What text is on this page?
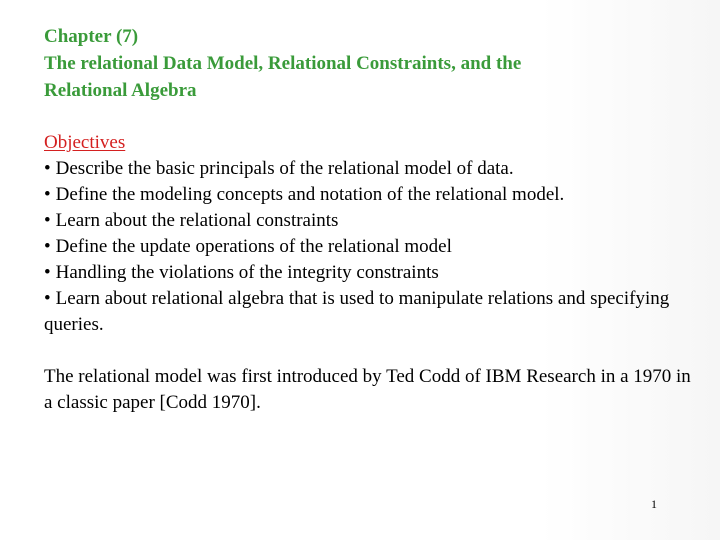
Chapter (7)
The relational Data Model, Relational Constraints, and the
Relational Algebra
Objectives
• Describe the basic principals of the relational model of data.
• Define the modeling concepts and notation of the relational model.
• Learn about the relational constraints
• Define the update operations of the relational model
• Handling the violations of the integrity constraints
• Learn about relational algebra that is used to manipulate relations and specifying queries.

The relational model was first introduced by Ted Codd of IBM Research in a 1970 in a classic paper [Codd 1970].

1
